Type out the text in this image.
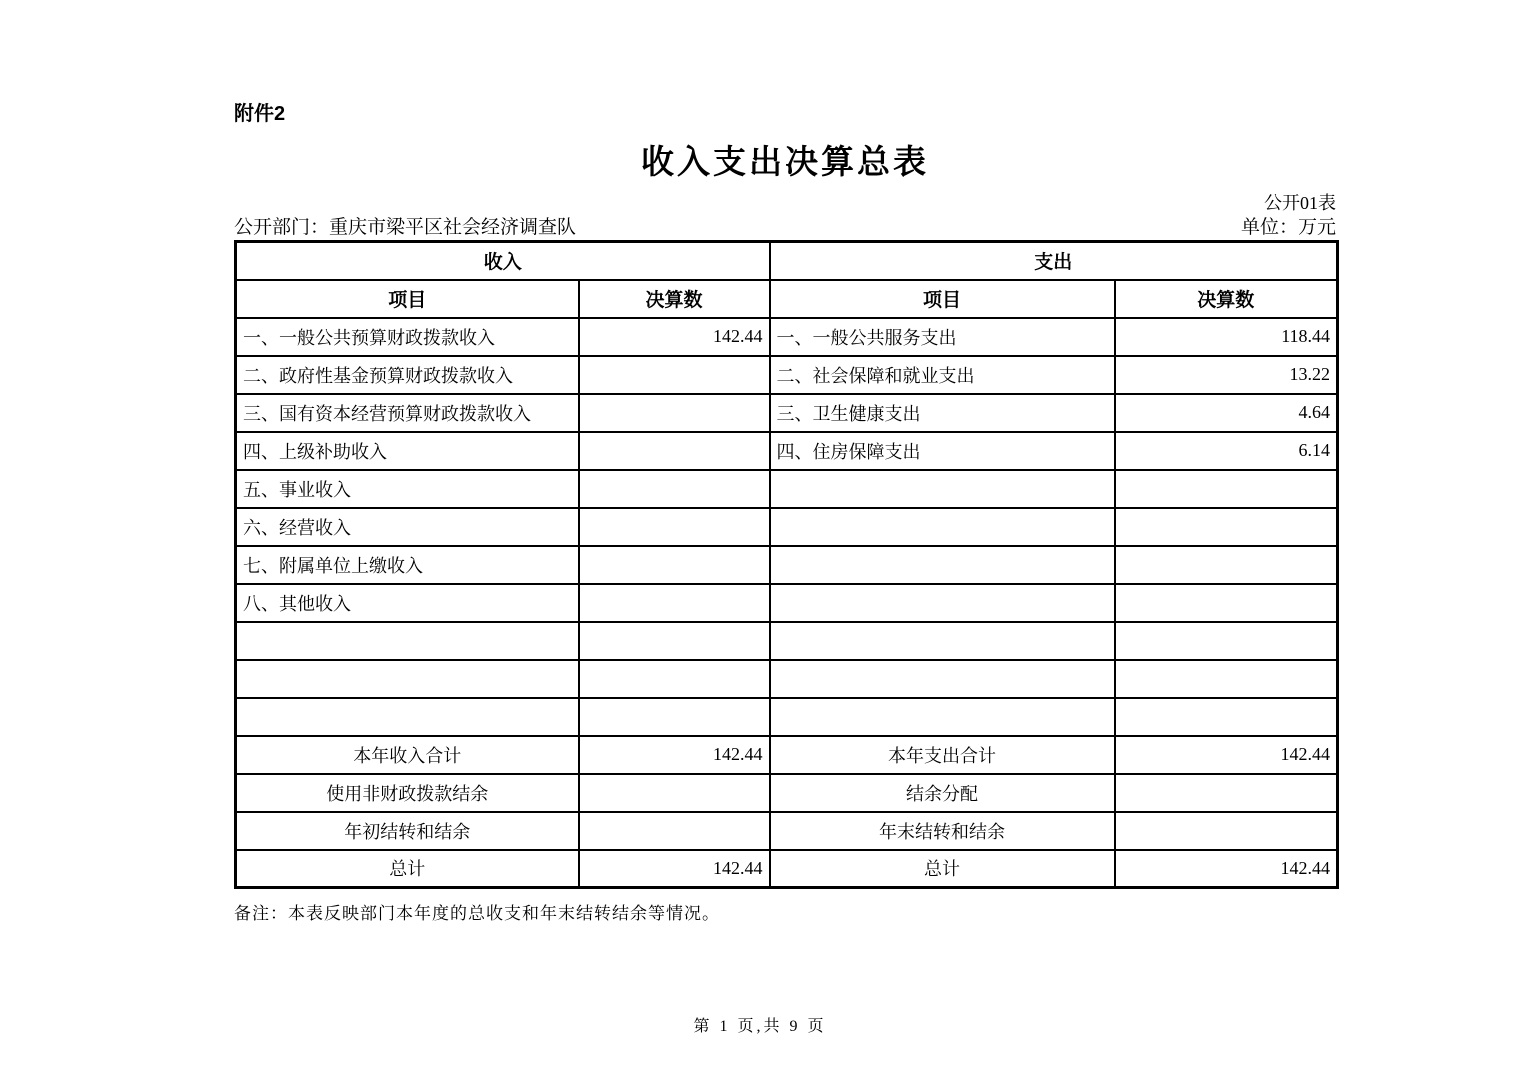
附件2
收入支出决算总表
公开01表
公开部门：重庆市梁平区社会经济调查队	单位：万元
收入		支出	
项目	决算数	项目	决算数
一、一般公共预算财政拨款收入	142.44	一、一般公共服务支出	118.44
二、政府性基金预算财政拨款收入		二、社会保障和就业支出	13.22
三、国有资本经营预算财政拨款收入		三、卫生健康支出	4.64
四、上级补助收入		四、住房保障支出	6.14
五、事业收入			
六、经营收入			
七、附属单位上缴收入			
八、其他收入			

本年收入合计	142.44	本年支出合计	142.44
使用非财政拨款结余		结余分配	
年初结转和结余		年末结转和结余	
总计	142.44	总计	142.44
备注：本表反映部门本年度的总收支和年末结转结余等情况。
第 1 页,共 9 页
